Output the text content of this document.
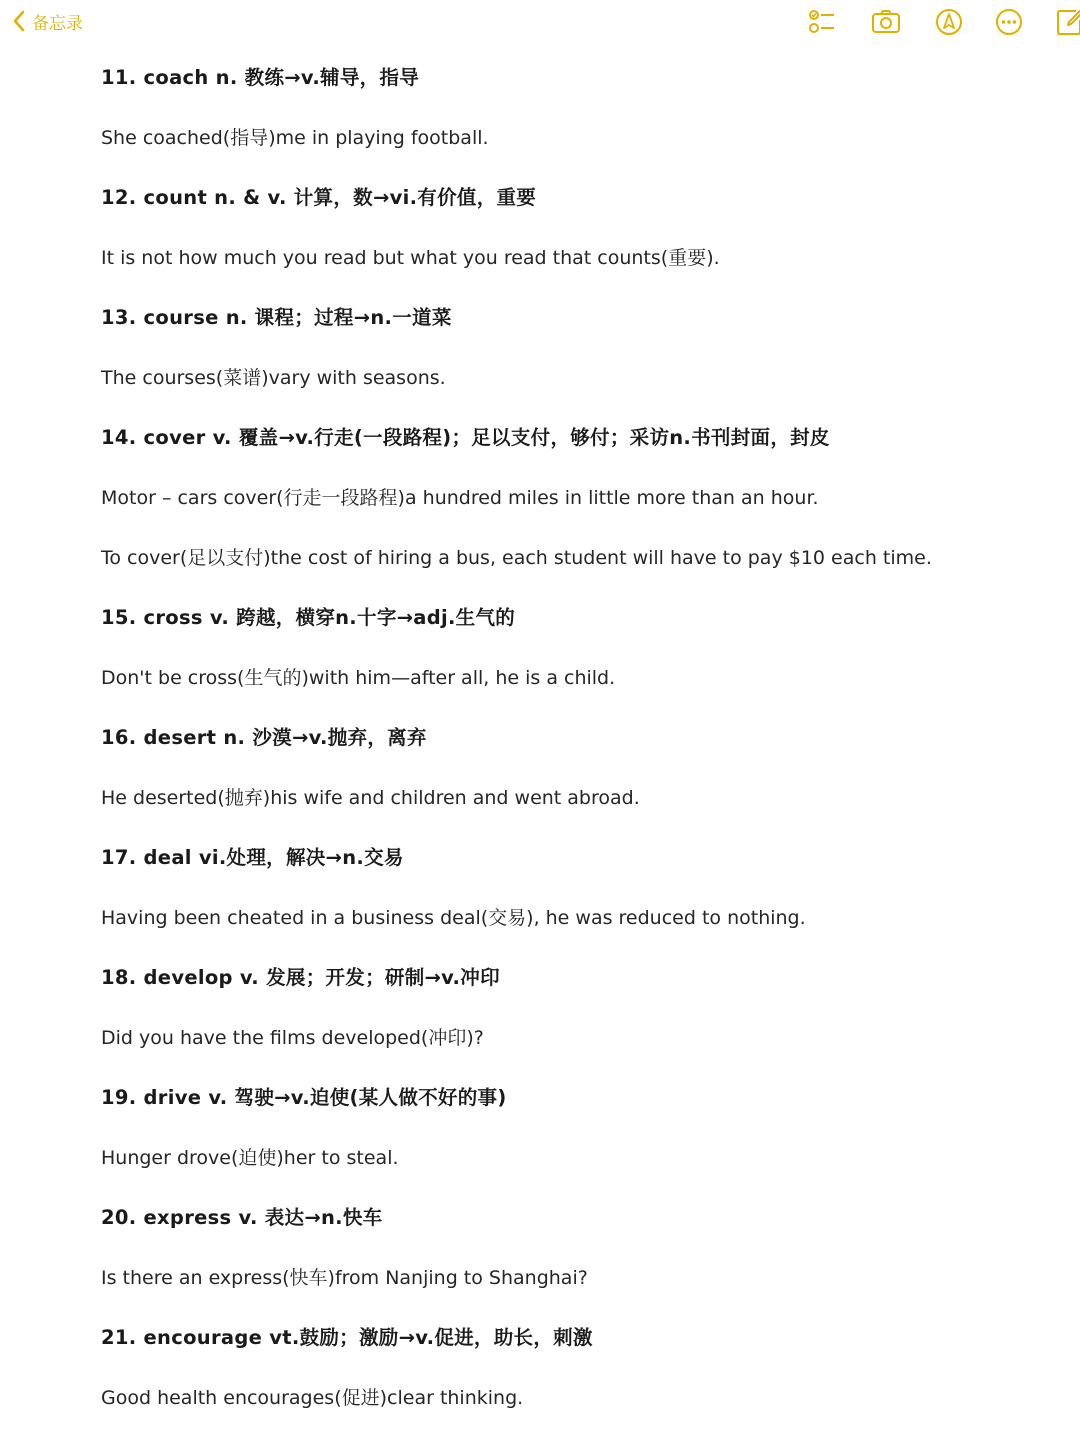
备忘录
11. coach n. 教练→v.辅导，指导
She coached(指导)me in playing football.
12. count n. & v. 计算，数→vi.有价值，重要
It is not how much you read but what you read that counts(重要).
13. course n. 课程；过程→n.一道菜
The courses(菜谱)vary with seasons.
14. cover v. 覆盖→v.行走(一段路程)；足以支付，够付；采访n.书刊封面，封皮
Motor – cars cover(行走一段路程)a hundred miles in little more than an hour.
To cover(足以支付)the cost of hiring a bus, each student will have to pay $10 each time.
15. cross v. 跨越，横穿n.十字→adj.生气的
Don't be cross(生气的)with him—after all, he is a child.
16. desert n. 沙漠→v.抛弃，离弃
He deserted(抛弃)his wife and children and went abroad.
17. deal vi.处理，解决→n.交易
Having been cheated in a business deal(交易), he was reduced to nothing.
18. develop v. 发展；开发；研制→v.冲印
Did you have the films developed(冲印)?
19. drive v. 驾驶→v.迫使(某人做不好的事)
Hunger drove(迫使)her to steal.
20. express v. 表达→n.快车
Is there an express(快车)from Nanjing to Shanghai?
21. encourage vt.鼓励；激励→v.促进，助长，刺激
Good health encourages(促进)clear thinking.
